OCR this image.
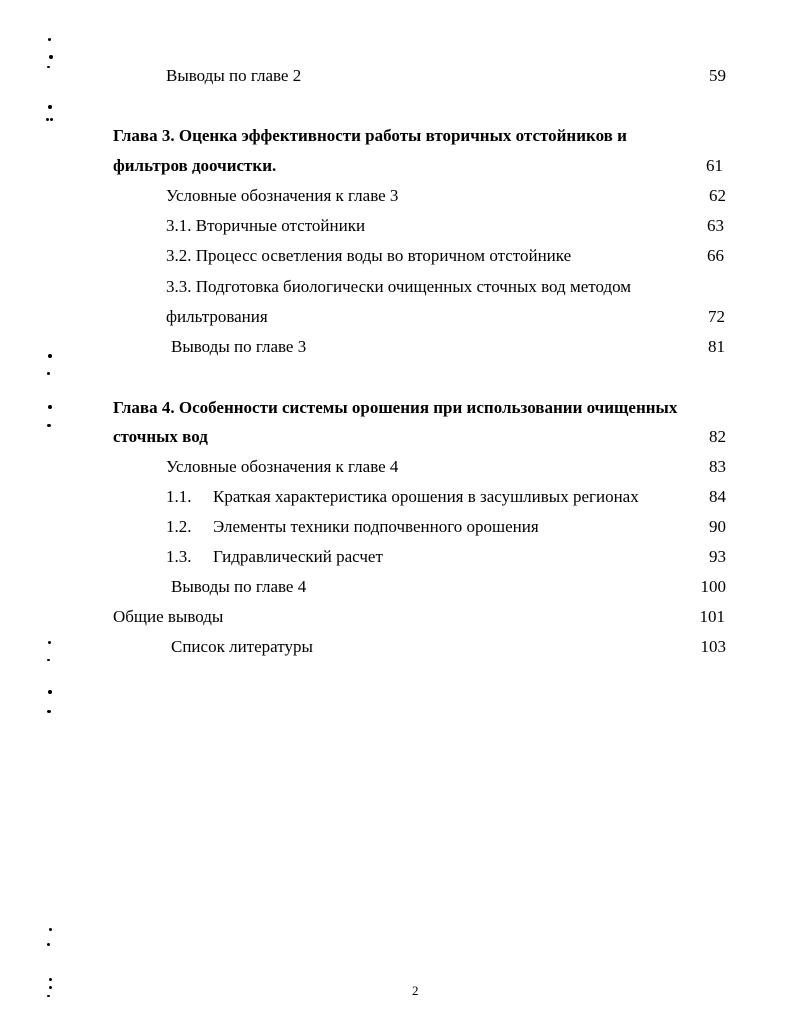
Выводы по главе 2	59
Глава 3. Оценка эффективности работы вторичных отстойников и
фильтров доочистки.	61
Условные обозначения к главе 3	62
3.1. Вторичные отстойники	63
3.2. Процесс осветления воды во вторичном отстойнике	66
3.3. Подготовка биологически очищенных сточных вод методом
фильтрования	72
Выводы по главе 3	81
Глава 4. Особенности системы орошения при использовании очищенных
сточных вод	82
Условные обозначения к главе 4	83
1.1. Краткая характеристика орошения в засушливых регионах	84
1.2. Элементы техники подпочвенного орошения	90
1.3. Гидравлический расчет	93
Выводы по главе 4	100
Общие выводы	101
Список литературы	103
2
